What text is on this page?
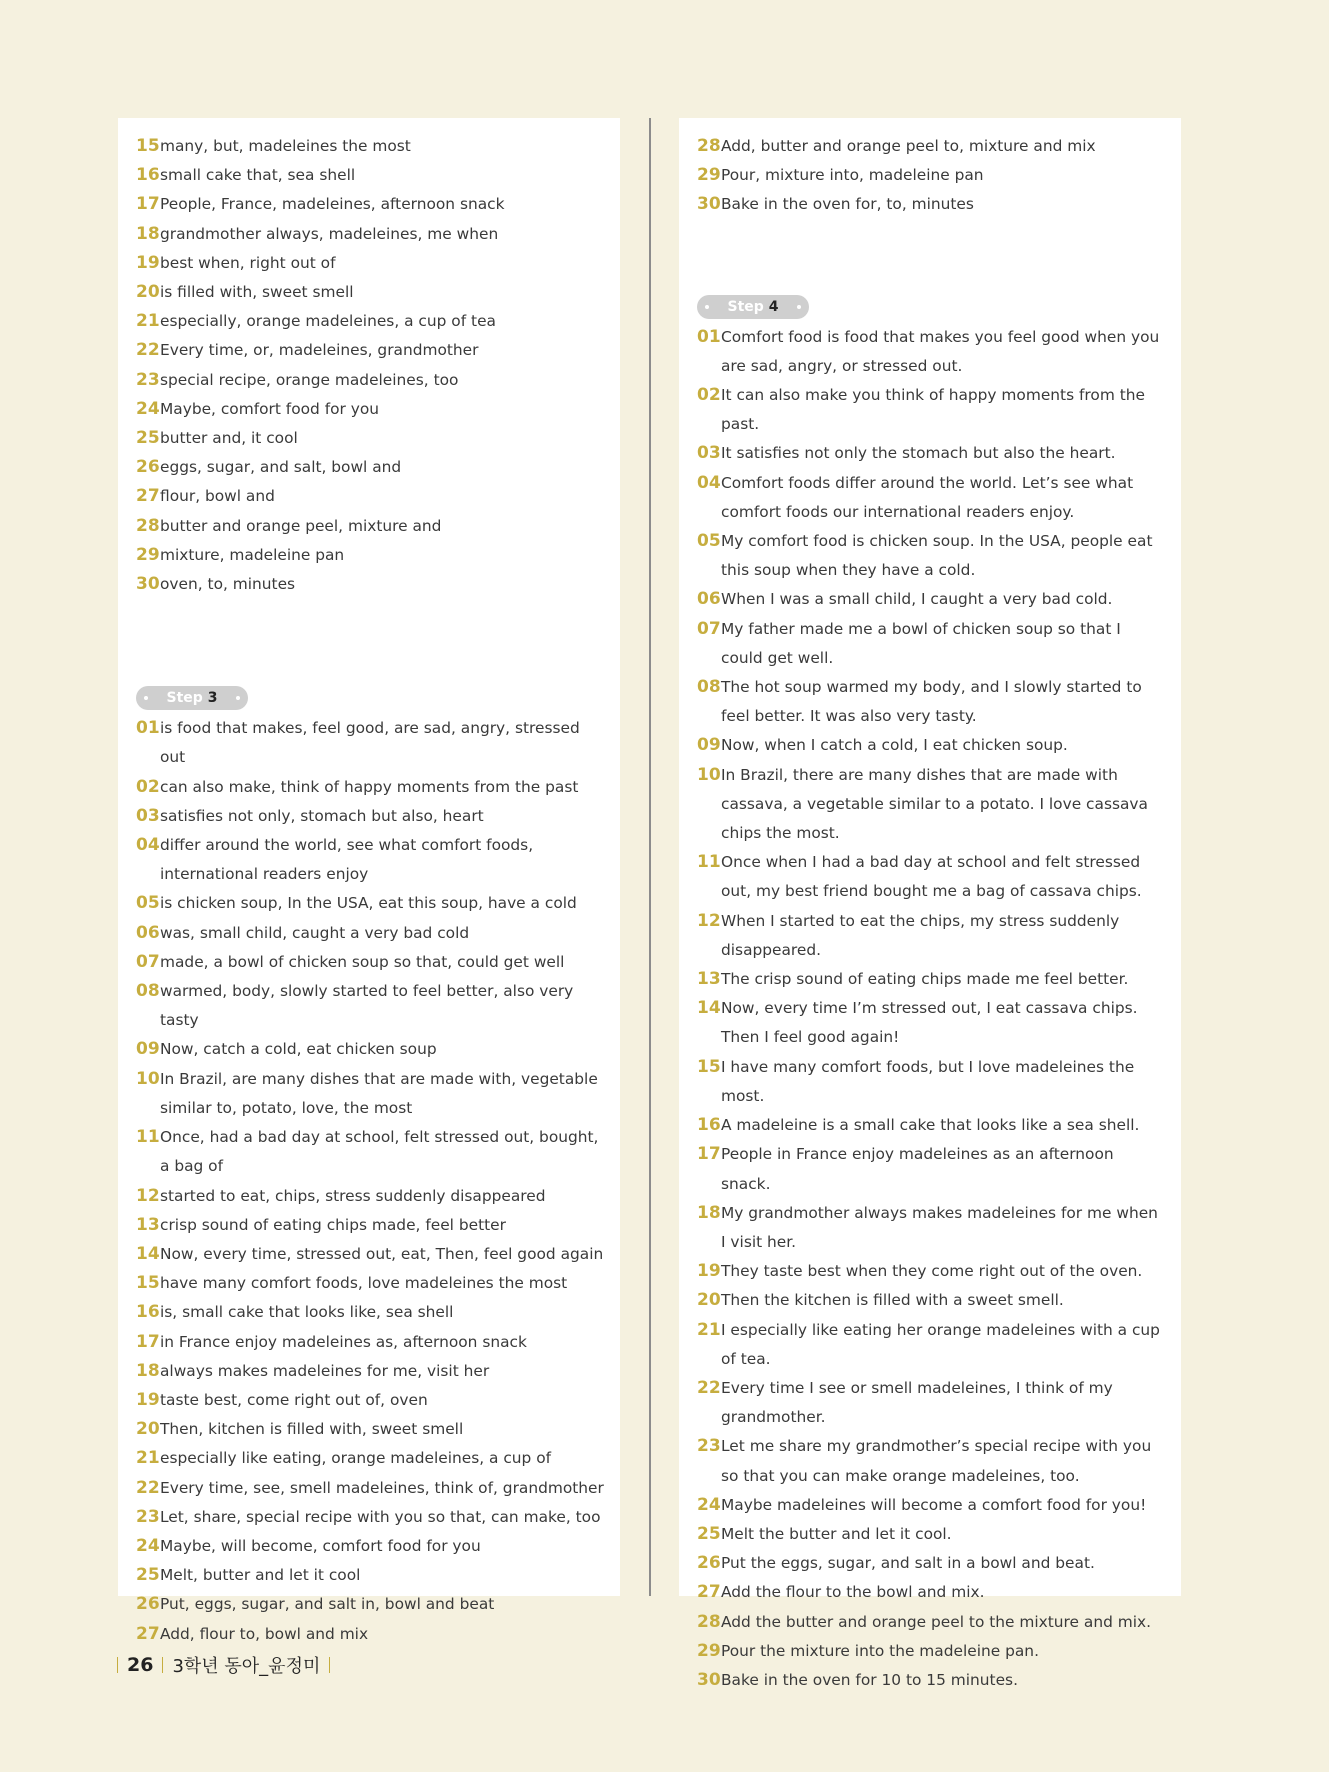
15 many, but, madeleines the most
16 small cake that, sea shell
17 People, France, madeleines, afternoon snack
18 grandmother always, madeleines, me when
19 best when, right out of
20 is filled with, sweet smell
21 especially, orange madeleines, a cup of tea
22 Every time, or, madeleines, grandmother
23 special recipe, orange madeleines, too
24 Maybe, comfort food for you
25 butter and, it cool
26 eggs, sugar, and salt, bowl and
27 flour, bowl and
28 butter and orange peel, mixture and
29 mixture, madeleine pan
30 oven, to, minutes
Step 3
01 is food that makes, feel good, are sad, angry, stressed out
02 can also make, think of happy moments from the past
03 satisfies not only, stomach but also, heart
04 differ around the world, see what comfort foods, international readers enjoy
05 is chicken soup, In the USA, eat this soup, have a cold
06 was, small child, caught a very bad cold
07 made, a bowl of chicken soup so that, could get well
08 warmed, body, slowly started to feel better, also very tasty
09 Now, catch a cold, eat chicken soup
10 In Brazil, are many dishes that are made with, vegetable similar to, potato, love, the most
11 Once, had a bad day at school, felt stressed out, bought, a bag of
12 started to eat, chips, stress suddenly disappeared
13 crisp sound of eating chips made, feel better
14 Now, every time, stressed out, eat, Then, feel good again
15 have many comfort foods, love madeleines the most
16 is, small cake that looks like, sea shell
17 in France enjoy madeleines as, afternoon snack
18 always makes madeleines for me, visit her
19 taste best, come right out of, oven
20 Then, kitchen is filled with, sweet smell
21 especially like eating, orange madeleines, a cup of
22 Every time, see, smell madeleines, think of, grandmother
23 Let, share, special recipe with you so that, can make, too
24 Maybe, will become, comfort food for you
25 Melt, butter and let it cool
26 Put, eggs, sugar, and salt in, bowl and beat
27 Add, flour to, bowl and mix
28 Add, butter and orange peel to, mixture and mix
29 Pour, mixture into, madeleine pan
30 Bake in the oven for, to, minutes
Step 4
01 Comfort food is food that makes you feel good when you are sad, angry, or stressed out.
02 It can also make you think of happy moments from the past.
03 It satisfies not only the stomach but also the heart.
04 Comfort foods differ around the world. Let’s see what comfort foods our international readers enjoy.
05 My comfort food is chicken soup. In the USA, people eat this soup when they have a cold.
06 When I was a small child, I caught a very bad cold.
07 My father made me a bowl of chicken soup so that I could get well.
08 The hot soup warmed my body, and I slowly started to feel better. It was also very tasty.
09 Now, when I catch a cold, I eat chicken soup.
10 In Brazil, there are many dishes that are made with cassava, a vegetable similar to a potato. I love cassava chips the most.
11 Once when I had a bad day at school and felt stressed out, my best friend bought me a bag of cassava chips.
12 When I started to eat the chips, my stress suddenly disappeared.
13 The crisp sound of eating chips made me feel better.
14 Now, every time I’m stressed out, I eat cassava chips. Then I feel good again!
15 I have many comfort foods, but I love madeleines the most.
16 A madeleine is a small cake that looks like a sea shell.
17 People in France enjoy madeleines as an afternoon snack.
18 My grandmother always makes madeleines for me when I visit her.
19 They taste best when they come right out of the oven.
20 Then the kitchen is filled with a sweet smell.
21 I especially like eating her orange madeleines with a cup of tea.
22 Every time I see or smell madeleines, I think of my grandmother.
23 Let me share my grandmother’s special recipe with you so that you can make orange madeleines, too.
24 Maybe madeleines will become a comfort food for you!
25 Melt the butter and let it cool.
26 Put the eggs, sugar, and salt in a bowl and beat.
27 Add the flour to the bowl and mix.
28 Add the butter and orange peel to the mixture and mix.
29 Pour the mixture into the madeleine pan.
30 Bake in the oven for 10 to 15 minutes.
26 3학년 동아_윤정미
